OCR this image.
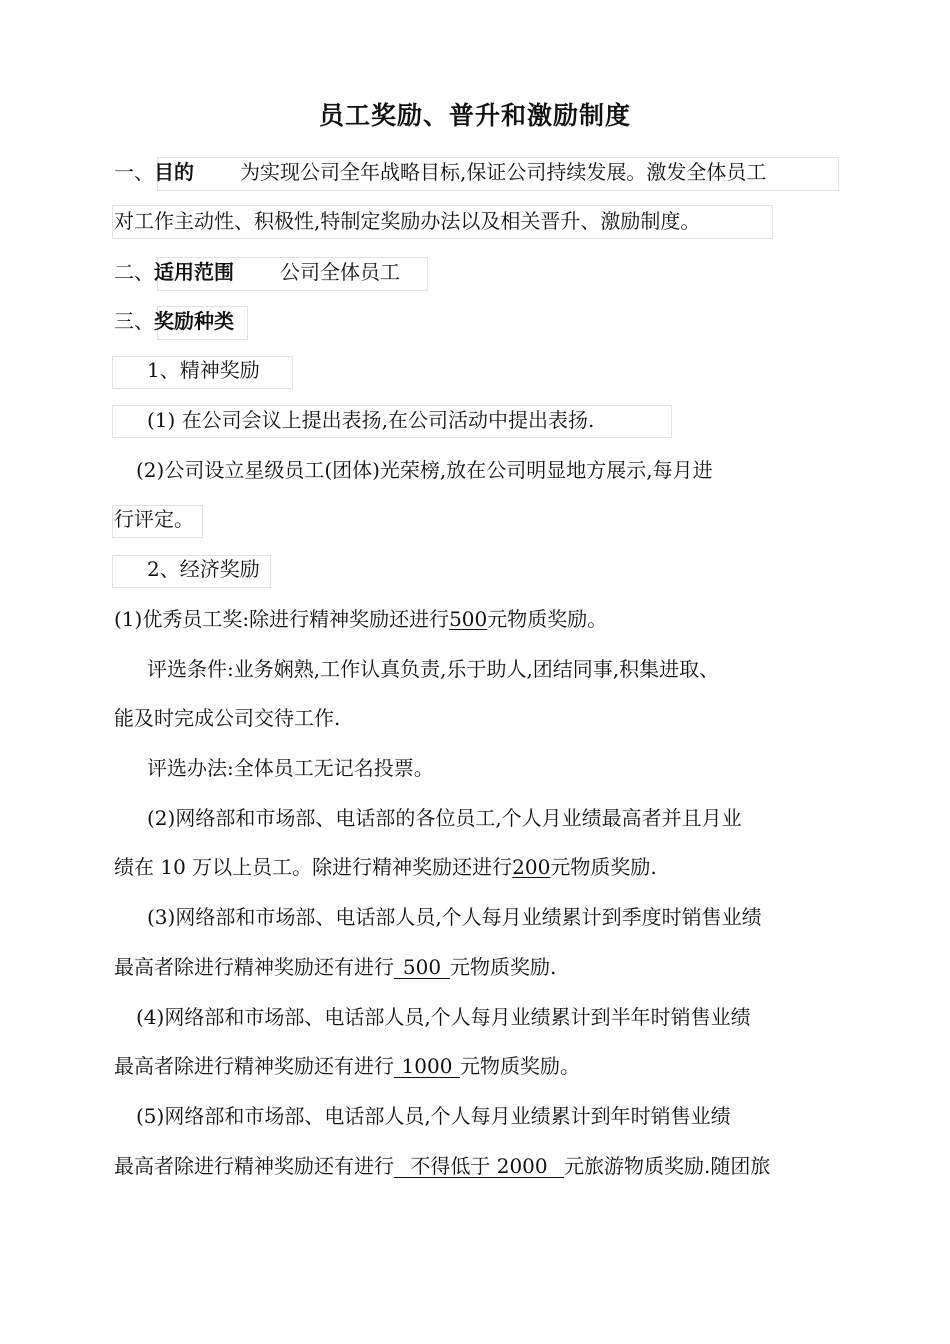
员工奖励、普升和激励制度
一、目的 为实现公司全年战略目标,保证公司持续发展。激发全体员工
对工作主动性、积极性,特制定奖励办法以及相关晋升、激励制度。
二、适用范围 公司全体员工
三、奖励种类
1、精神奖励
(1) 在公司会议上提出表扬,在公司活动中提出表扬.
(2)公司设立星级员工(团体)光荣榜,放在公司明显地方展示,每月进
行评定。
2、经济奖励
(1)优秀员工奖:除进行精神奖励还进行500元物质奖励。
评选条件:业务娴熟,工作认真负责,乐于助人,团结同事,积集进取、
能及时完成公司交待工作.
评选办法:全体员工无记名投票。
(2)网络部和市场部、电话部的各位员工,个人月业绩最高者并且月业
绩在 10 万以上员工。除进行精神奖励还进行200元物质奖励.
(3)网络部和市场部、电话部人员,个人每月业绩累计到季度时销售业绩
最高者除进行精神奖励还有进行 500 元物质奖励.
(4)网络部和市场部、电话部人员,个人每月业绩累计到半年时销售业绩
最高者除进行精神奖励还有进行 1000 元物质奖励。
(5)网络部和市场部、电话部人员,个人每月业绩累计到年时销售业绩
最高者除进行精神奖励还有进行 不得低于 2000 元旅游物质奖励.随团旅
